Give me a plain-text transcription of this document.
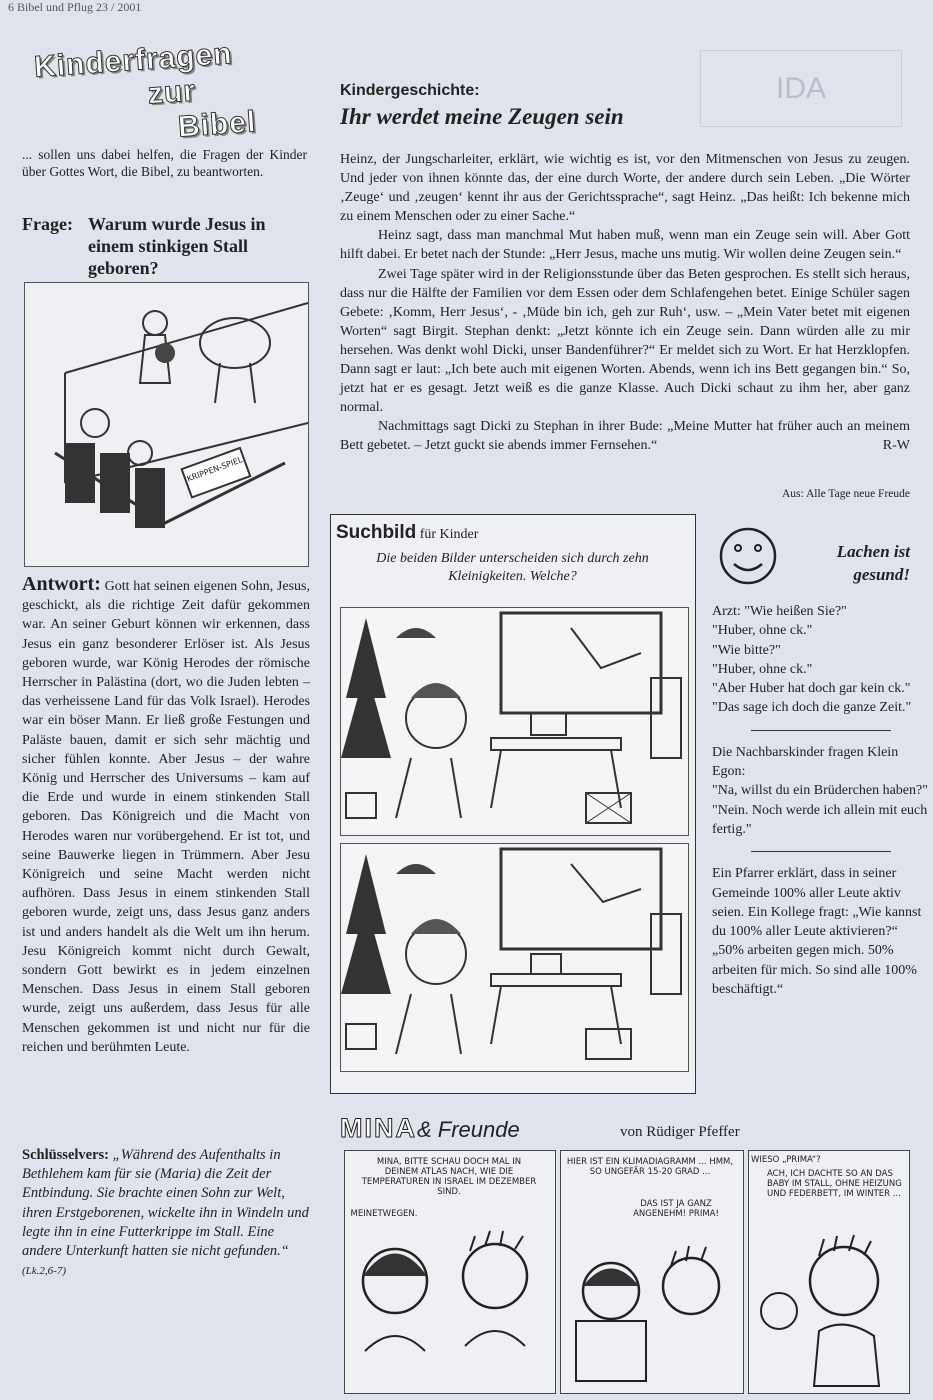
6 Bibel und Pflug 23 / 2001
IDA
Kinderfragen
zur
Bibel
... sollen uns dabei helfen, die Fragen der Kinder über Gottes Wort, die Bibel, zu beantworten.
Frage: Warum wurde Jesus in einem stinkigen Stall geboren?
KRIPPEN-SPIEL
Antwort: Gott hat seinen eigenen Sohn, Jesus, geschickt, als die richtige Zeit dafür gekommen war. An seiner Geburt können wir erkennen, dass Jesus ein ganz besonderer Erlöser ist. Als Jesus geboren wurde, war König Herodes der römische Herrscher in Palästina (dort, wo die Juden lebten – das verheissene Land für das Volk Israel). Herodes war ein böser Mann. Er ließ große Festungen und Paläste bauen, damit er sich sehr mächtig und sicher fühlen konnte. Aber Jesus – der wahre König und Herrscher des Universums – kam auf die Erde und wurde in einem stinkenden Stall geboren. Das Königreich und die Macht von Herodes waren nur vorübergehend. Er ist tot, und seine Bauwerke liegen in Trümmern. Aber Jesu Königreich und seine Macht werden nicht aufhören. Dass Jesus in einem stinkenden Stall geboren wurde, zeigt uns, dass Jesus ganz anders ist und anders handelt als die Welt um ihn herum. Jesu Königreich kommt nicht durch Gewalt, sondern Gott bewirkt es in jedem einzelnen Menschen. Dass Jesus in einem Stall geboren wurde, zeigt uns außerdem, dass Jesus für alle Menschen gekommen ist und nicht nur für die reichen und berühmten Leute.
Schlüsselvers: „Während des Aufenthalts in Bethlehem kam für sie (Maria) die Zeit der Entbindung. Sie brachte einen Sohn zur Welt, ihren Erstgeborenen, wickelte ihn in Windeln und legte ihn in eine Futterkrippe im Stall. Eine andere Unterkunft hatten sie nicht gefunden.“ (Lk.2,6-7)
Kindergeschichte:
Ihr werdet meine Zeugen sein

Heinz, der Jungscharleiter, erklärt, wie wichtig es ist, vor den Mitmenschen von Jesus zu zeugen. Und jeder von ihnen könnte das, der eine durch Worte, der andere durch sein Leben. „Die Wörter ‚Zeuge‘ und ‚zeugen‘ kennt ihr aus der Gerichtssprache“, sagt Heinz. „Das heißt: Ich bekenne mich zu einem Menschen oder zu einer Sache.“

Heinz sagt, dass man manchmal Mut haben muß, wenn man ein Zeuge sein will. Aber Gott hilft dabei. Er betet nach der Stunde: „Herr Jesus, mache uns mutig. Wir wollen deine Zeugen sein.“

Zwei Tage später wird in der Religionsstunde über das Beten gesprochen. Es stellt sich heraus, dass nur die Hälfte der Familien vor dem Essen oder dem Schlafengehen betet. Einige Schüler sagen Gebete: ‚Komm, Herr Jesus‘, - ‚Müde bin ich, geh zur Ruh‘, usw. – „Mein Vater betet mit eigenen Worten“ sagt Birgit. Stephan denkt: „Jetzt könnte ich ein Zeuge sein. Dann würden alle zu mir hersehen. Was denkt wohl Dicki, unser Bandenführer?“ Er meldet sich zu Wort. Er hat Herzklopfen. Dann sagt er laut: „Ich bete auch mit eigenen Worten. Abends, wenn ich ins Bett gegangen bin.“ So, jetzt hat er es gesagt. Jetzt weiß es die ganze Klasse. Auch Dicki schaut zu ihm her, aber ganz normal.

Nachmittags sagt Dicki zu Stephan in ihrer Bude: „Meine Mutter hat früher auch an meinem Bett gebetet. – Jetzt guckt sie abends immer Fernsehen.“	R-W

Aus: Alle Tage neue Freude
Suchbild für Kinder
Die beiden Bilder unterscheiden sich durch zehn Kleinigkeiten. Welche?
Lachen ist
gesund!

Arzt: "Wie heißen Sie?"

"Huber, ohne ck."

"Wie bitte?"

"Huber, ohne ck."

"Aber Huber hat doch gar kein ck."

"Das sage ich doch die ganze Zeit."

Die Nachbarskinder fragen Klein Egon:

"Na, willst du ein Brüderchen haben?"

"Nein. Noch werde ich allein mit euch fertig."

Ein Pfarrer erklärt, dass in seiner Gemeinde 100% aller Leute aktiv seien. Ein Kollege fragt: „Wie kannst du 100% aller Leute aktivieren?“ „50% arbeiten gegen mich. 50% arbeiten für mich. So sind alle 100% beschäftigt.“

MINA& Freunde	von Rüdiger Pfeffer
MINA, BITTE SCHAU DOCH MAL IN DEINEM ATLAS NACH, WIE DIE TEMPERATUREN IN ISRAEL IM DEZEMBER SIND.
MEINETWEGEN.
HIER IST EIN KLIMADIAGRAMM ... HMM, SO UNGEFÄR 15-20 GRAD ...
DAS IST JA GANZ ANGENEHM! PRIMA!
WIESO „PRIMA“?
ACH, ICH DACHTE SO AN DAS BABY IM STALL, OHNE HEIZUNG UND FEDERBETT, IM WINTER ...
